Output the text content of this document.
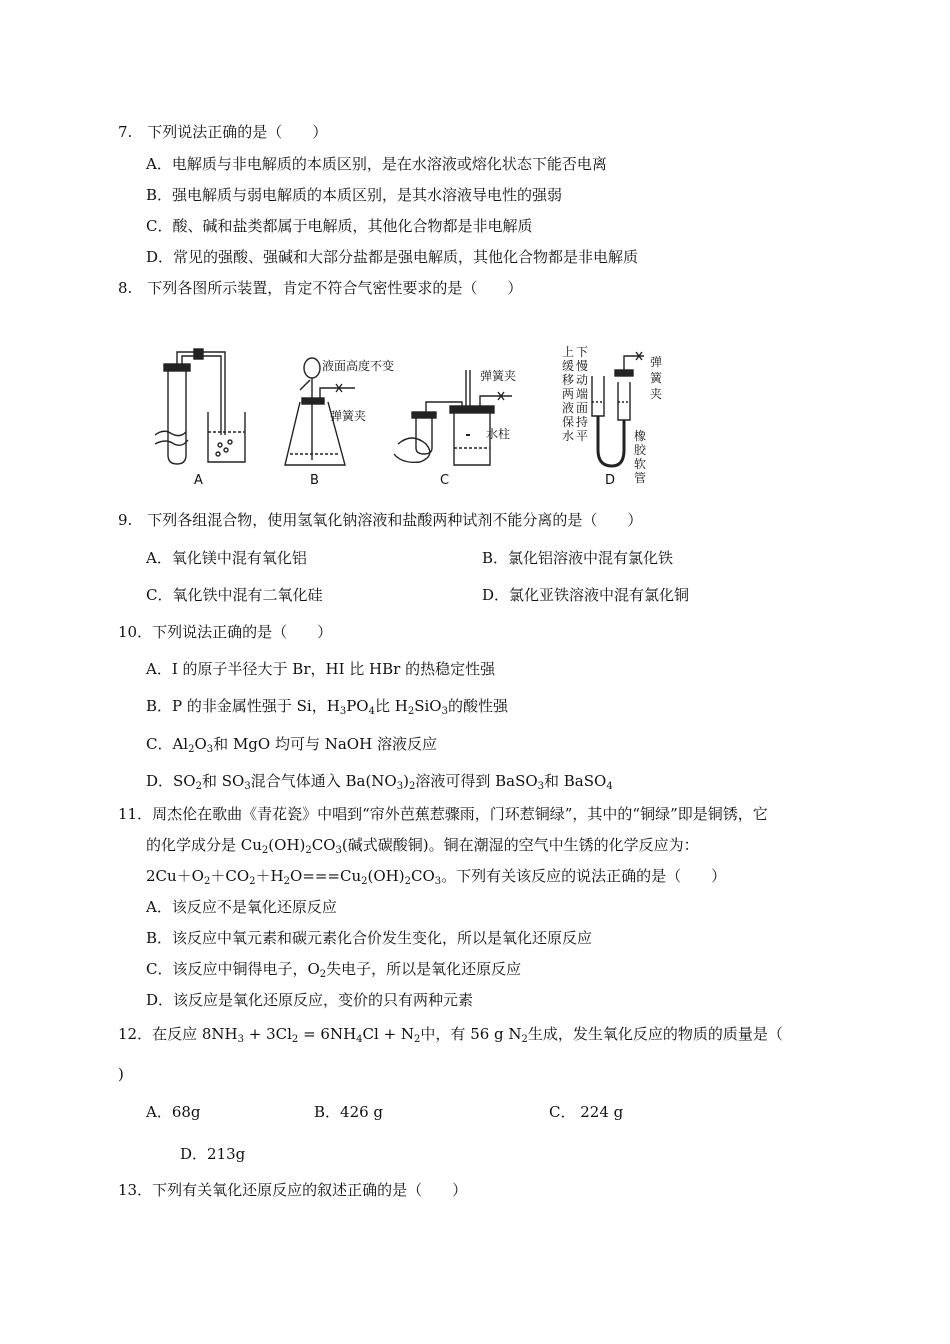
7.　下列说法正确的是（　　）
A．电解质与非电解质的本质区别，是在水溶液或熔化状态下能否电离
B．强电解质与弱电解质的本质区别，是其水溶液导电性的强弱
C．酸、碱和盐类都属于电解质，其他化合物都是非电解质
D．常见的强酸、强碱和大部分盐都是强电解质，其他化合物都是非电解质
8.　下列各图所示装置，肯定不符合气密性要求的是（　　）
A	B	C	D
液面高度不变
弹簧夹
弹簧夹
水柱
上 下
缓 慢
移 动
两 端
液 面
保 持
水 平
弹
簧
夹
橡
胶
软
管
9.　下列各组混合物，使用氢氧化钠溶液和盐酸两种试剂不能分离的是（　　）
A．氧化镁中混有氧化铝	B．氯化铝溶液中混有氯化铁
C．氧化铁中混有二氧化硅	D．氯化亚铁溶液中混有氯化铜
10．下列说法正确的是（　　）
A．I 的原子半径大于 Br，HI 比 HBr 的热稳定性强
B．P 的非金属性强于 Si，$H_3PO_4$比 $H_2SiO_3$的酸性强
C．$Al_2O_3$和 MgO 均可与 NaOH 溶液反应
D．$SO_2$和 $SO_3$混合气体通入 $Ba(NO_3)_2$溶液可得到 BaSO$_3$和 BaSO$_4$
11．周杰伦在歌曲《青花瓷》中唱到“帘外芭蕉惹骤雨，门环惹铜绿”，其中的“铜绿”即是铜锈，它
的化学成分是 $Cu_2(OH)_2CO_3$(碱式碳酸铜)。铜在潮湿的空气中生锈的化学反应为：
$2Cu+O_2+CO_2+H_2O===Cu_2(OH)_2CO_3$。下列有关该反应的说法正确的是（　　）
A．该反应不是氧化还原反应
B．该反应中氧元素和碳元素化合价发生变化，所以是氧化还原反应
C．该反应中铜得电子，$O_2$失电子，所以是氧化还原反应
D．该反应是氧化还原反应，变价的只有两种元素
12．在反应 $8NH_3 + 3Cl_2 = 6NH_4Cl + N_2$中，有 56 g $N_2$生成，发生氧化反应的物质的质量是（
)
A．68g	B．426 g	C． 224 g
D．213g
13．下列有关氧化还原反应的叙述正确的是（　　）
